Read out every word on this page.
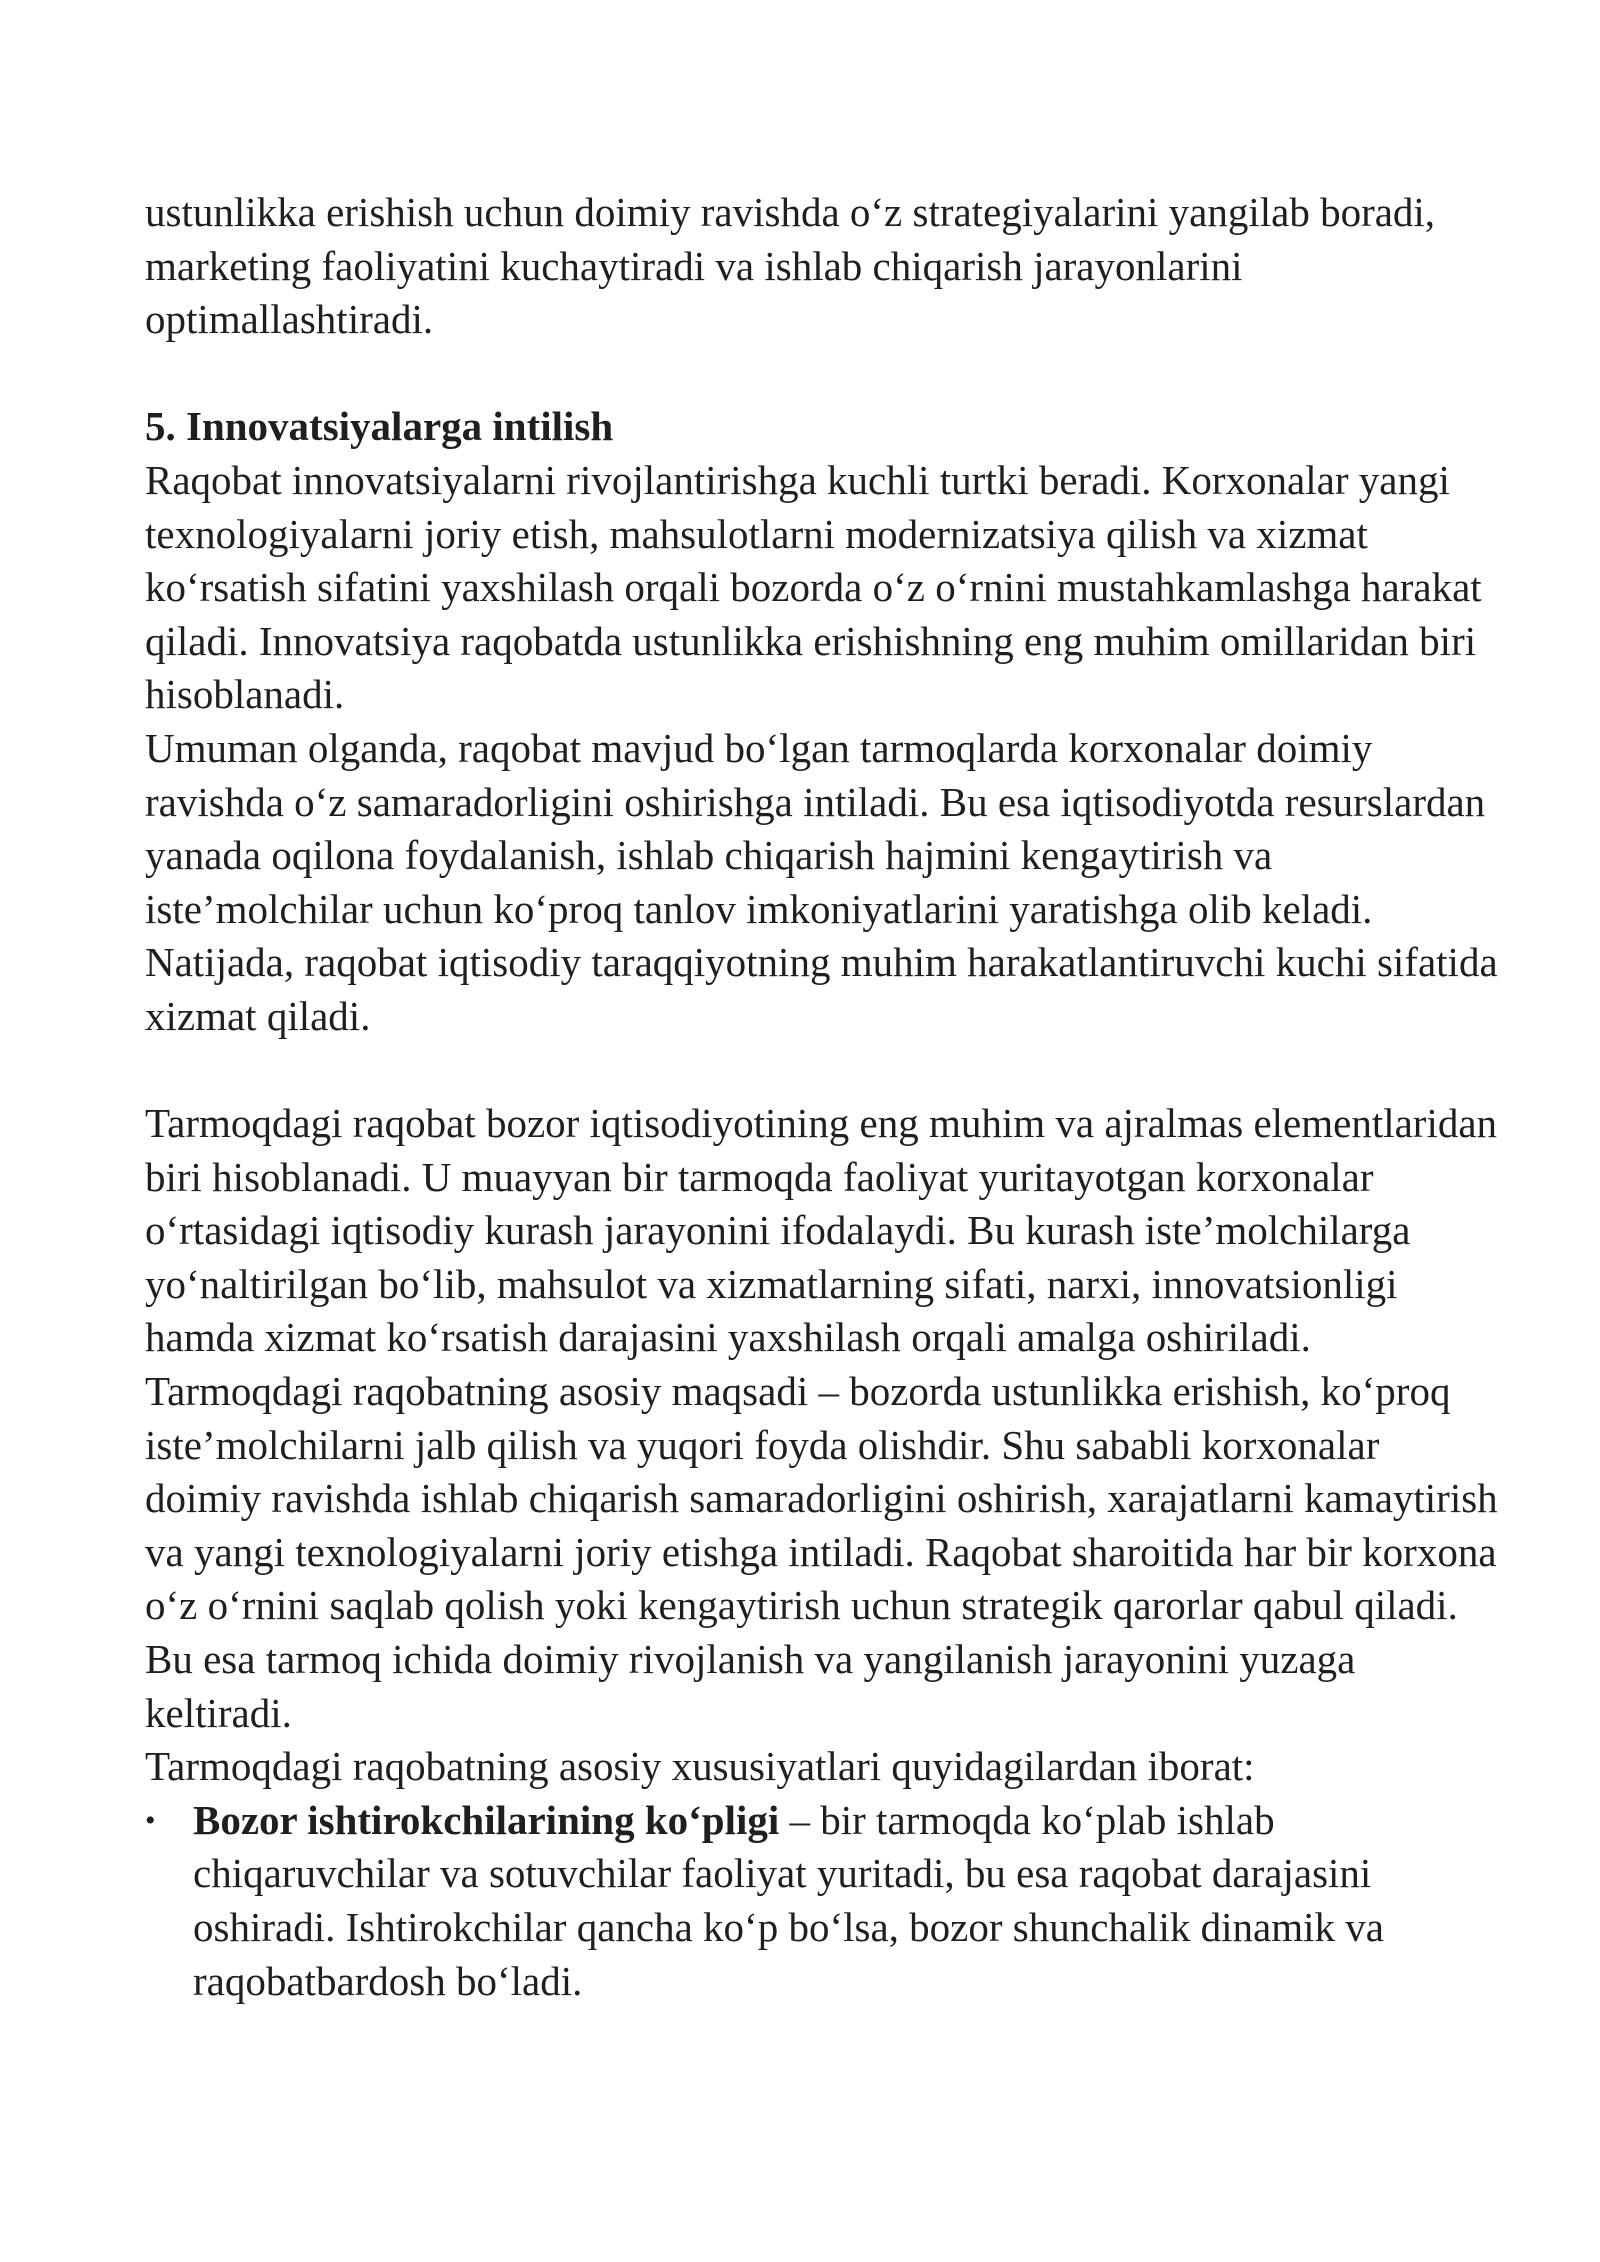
ustunlikka erishish uchun doimiy ravishda o‘z strategiyalarini yangilab boradi, marketing faoliyatini kuchaytiradi va ishlab chiqarish jarayonlarini optimallashtiradi.

5. Innovatsiyalarga intilish

Raqobat innovatsiyalarni rivojlantirishga kuchli turtki beradi. Korxonalar yangi texnologiyalarni joriy etish, mahsulotlarni modernizatsiya qilish va xizmat ko‘rsatish sifatini yaxshilash orqali bozorda o‘z o‘rnini mustahkamlashga harakat qiladi. Innovatsiya raqobatda ustunlikka erishishning eng muhim omillaridan biri hisoblanadi.

Umuman olganda, raqobat mavjud bo‘lgan tarmoqlarda korxonalar doimiy ravishda o‘z samaradorligini oshirishga intiladi. Bu esa iqtisodiyotda resurslardan yanada oqilona foydalanish, ishlab chiqarish hajmini kengaytirish va iste’molchilar uchun ko‘proq tanlov imkoniyatlarini yaratishga olib keladi. Natijada, raqobat iqtisodiy taraqqiyotning muhim harakatlantiruvchi kuchi sifatida xizmat qiladi.

Tarmoqdagi raqobat bozor iqtisodiyotining eng muhim va ajralmas elementlaridan biri hisoblanadi. U muayyan bir tarmoqda faoliyat yuritayotgan korxonalar o‘rtasidagi iqtisodiy kurash jarayonini ifodalaydi. Bu kurash iste’molchilarga yo‘naltirilgan bo‘lib, mahsulot va xizmatlarning sifati, narxi, innovatsionligi hamda xizmat ko‘rsatish darajasini yaxshilash orqali amalga oshiriladi.

Tarmoqdagi raqobatning asosiy maqsadi – bozorda ustunlikka erishish, ko‘proq iste’molchilarni jalb qilish va yuqori foyda olishdir. Shu sababli korxonalar doimiy ravishda ishlab chiqarish samaradorligini oshirish, xarajatlarni kamaytirish va yangi texnologiyalarni joriy etishga intiladi. Raqobat sharoitida har bir korxona o‘z o‘rnini saqlab qolish yoki kengaytirish uchun strategik qarorlar qabul qiladi. Bu esa tarmoq ichida doimiy rivojlanish va yangilanish jarayonini yuzaga keltiradi.

Tarmoqdagi raqobatning asosiy xususiyatlari quyidagilardan iborat:

• Bozor ishtirokchilarining ko‘pligi – bir tarmoqda ko‘plab ishlab chiqaruvchilar va sotuvchilar faoliyat yuritadi, bu esa raqobat darajasini oshiradi. Ishtirokchilar qancha ko‘p bo‘lsa, bozor shunchalik dinamik va raqobatbardosh bo‘ladi.
